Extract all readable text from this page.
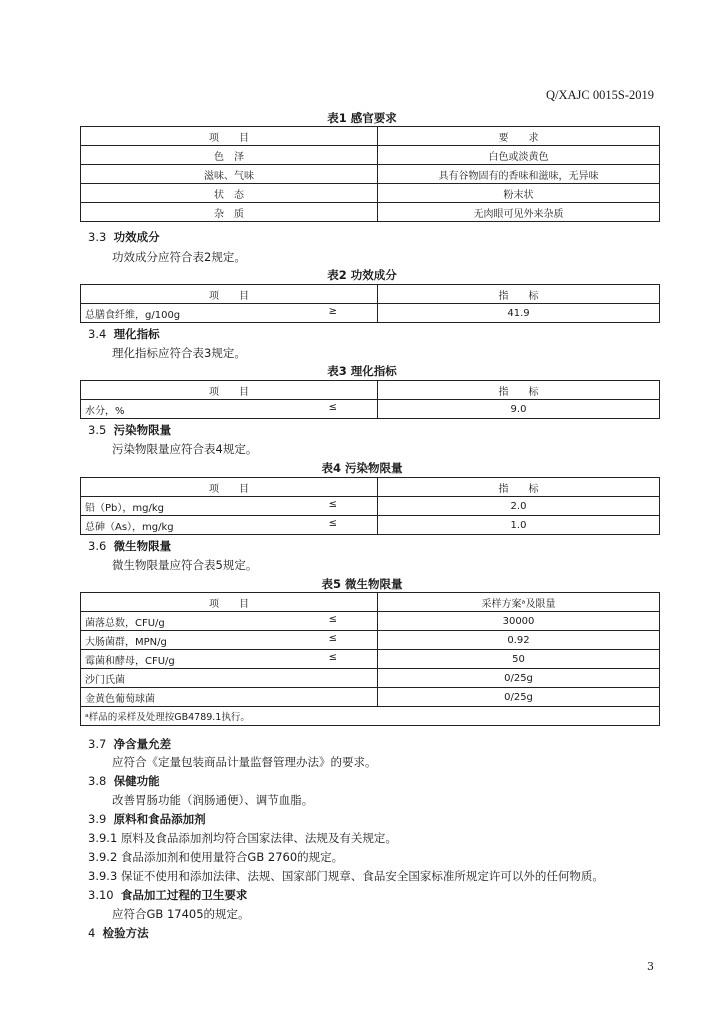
Q/XAJC 0015S-2019
表1 感官要求
项　　目	要　　求
色　泽	白色或淡黄色
滋味、气味	具有谷物固有的香味和滋味，无异味
状　态	粉末状
杂　质	无肉眼可见外来杂质
3.3 功效成分
功效成分应符合表2规定。
表2 功效成分
项　　目	指　　标

总膳食纤维，g/100g ≥	41.9
3.4 理化指标
理化指标应符合表3规定。
表3 理化指标
项　　目	指　　标

水分，% ≤	9.0
3.5 污染物限量
污染物限量应符合表4规定。
表4 污染物限量
项　　目	指　　标

铅（Pb），mg/kg ≤	2.0

总砷（As），mg/kg ≤	1.0
3.6 微生物限量
微生物限量应符合表5规定。
表5 微生物限量
项　　目	采样方案ᵃ及限量

菌落总数，CFU/g ≤	30000

大肠菌群，MPN/g ≤	0.92

霉菌和酵母，CFU/g ≤	50

沙门氏菌	0/25g

金黄色葡萄球菌	0/25g
ᵃ样品的采样及处理按GB4789.1执行。	
3.7 净含量允差
应符合《定量包装商品计量监督管理办法》的要求。
3.8 保健功能
改善胃肠功能（润肠通便）、调节血脂。
3.9 原料和食品添加剂
3.9.1 原料及食品添加剂均符合国家法律、法规及有关规定。
3.9.2 食品添加剂和使用量符合GB 2760的规定。
3.9.3 保证不使用和添加法律、法规、国家部门规章、食品安全国家标准所规定许可以外的任何物质。
3.10 食品加工过程的卫生要求
应符合GB 17405的规定。
4 检验方法
3
